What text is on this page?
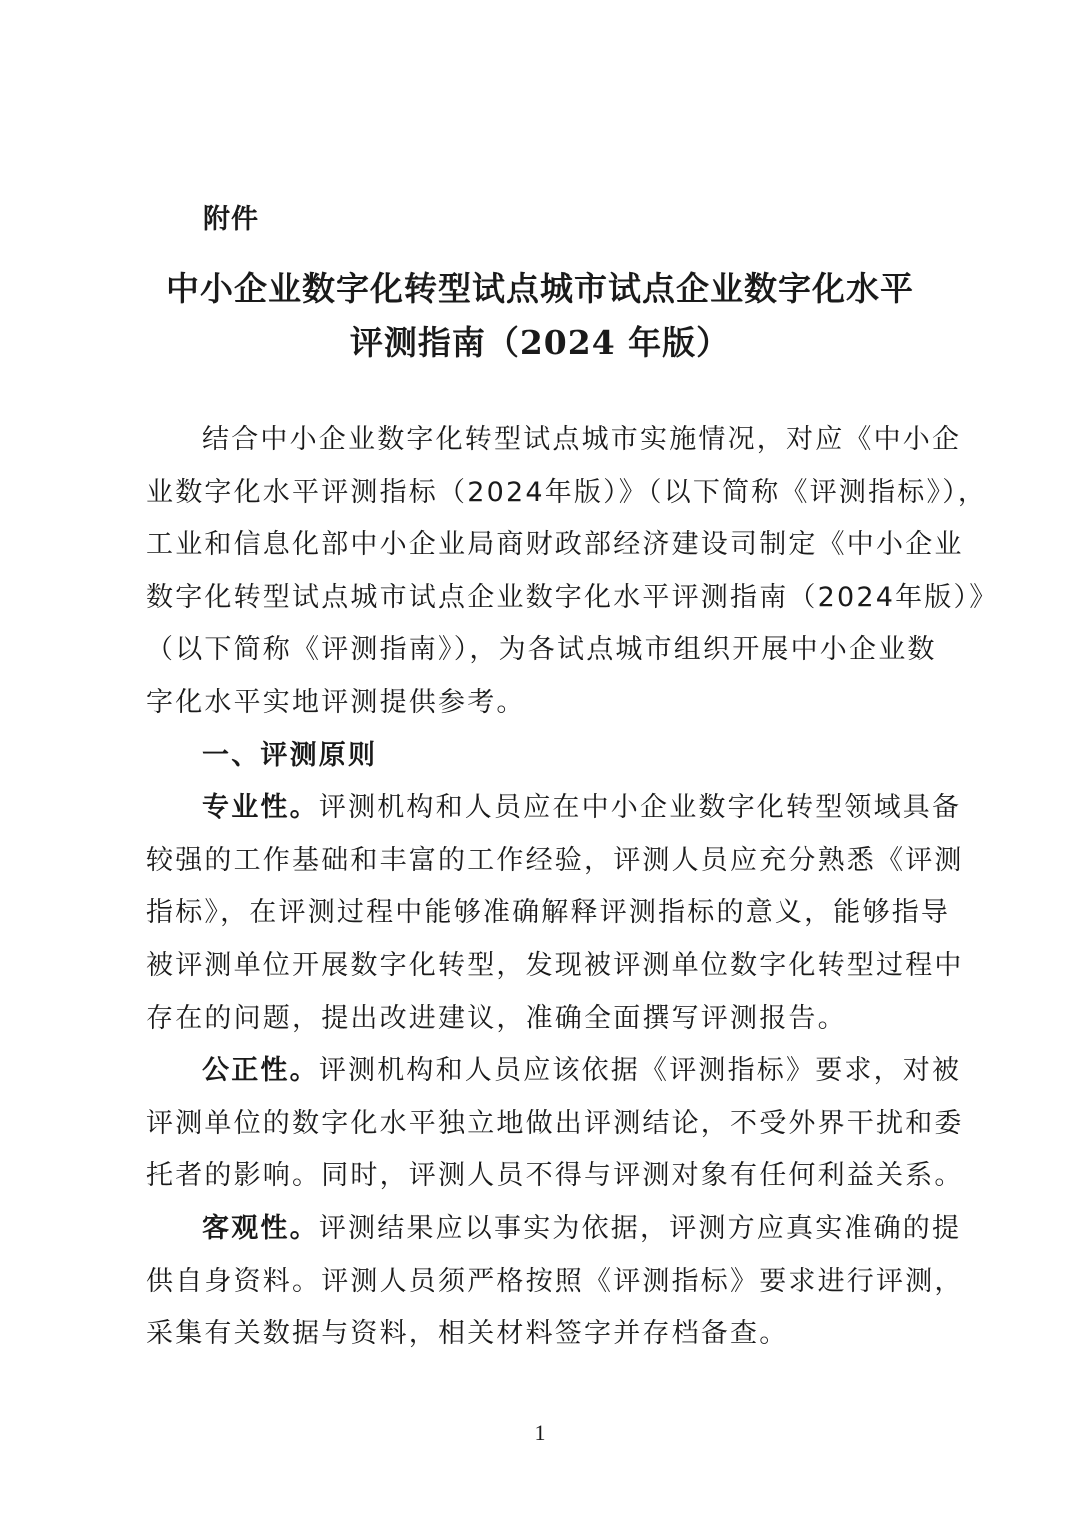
附件
中小企业数字化转型试点城市试点企业数字化水平
评测指南（2024 年版）
结合中小企业数字化转型试点城市实施情况，对应《中小企
业数字化水平评测指标（2024年版）》（以下简称《评测指标》），
工业和信息化部中小企业局商财政部经济建设司制定《中小企业
数字化转型试点城市试点企业数字化水平评测指南（2024年版）》
（以下简称《评测指南》），为各试点城市组织开展中小企业数
字化水平实地评测提供参考。
一、评测原则
专业性。评测机构和人员应在中小企业数字化转型领域具备
较强的工作基础和丰富的工作经验，评测人员应充分熟悉《评测
指标》，在评测过程中能够准确解释评测指标的意义，能够指导
被评测单位开展数字化转型，发现被评测单位数字化转型过程中
存在的问题，提出改进建议，准确全面撰写评测报告。
公正性。评测机构和人员应该依据《评测指标》要求，对被
评测单位的数字化水平独立地做出评测结论，不受外界干扰和委
托者的影响。同时，评测人员不得与评测对象有任何利益关系。
客观性。评测结果应以事实为依据，评测方应真实准确的提
供自身资料。评测人员须严格按照《评测指标》要求进行评测，
采集有关数据与资料，相关材料签字并存档备查。
1
